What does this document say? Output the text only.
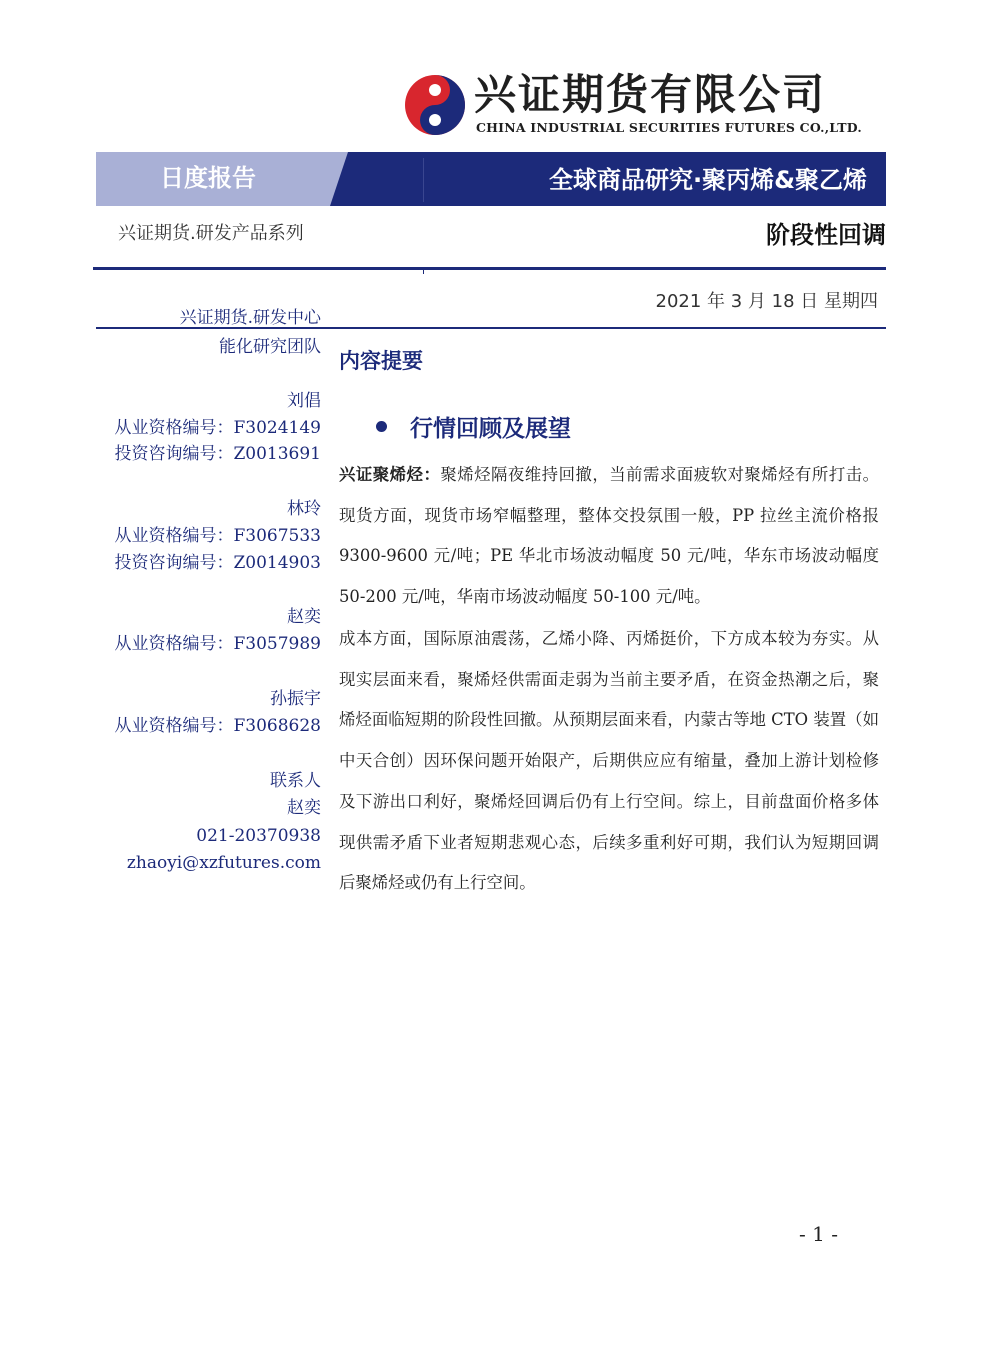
兴证期货有限公司
CHINA INDUSTRIAL SECURITIES FUTURES CO.,LTD.
日度报告	全球商品研究·聚丙烯&聚乙烯
兴证期货.研发产品系列	阶段性回调
2021 年 3 月 18 日 星期四
兴证期货.研发中心
能化研究团队
刘倡
从业资格编号：F3024149
投资咨询编号：Z0013691
林玲
从业资格编号：F3067533
投资咨询编号：Z0014903
赵奕
从业资格编号：F3057989
孙振宇
从业资格编号：F3068628
联系人
赵奕
021-20370938
zhaoyi@xzfutures.com
内容提要
行情回顾及展望
兴证聚烯烃：聚烯烃隔夜维持回撤，当前需求面疲软对聚烯烃有所打击。现货方面，现货市场窄幅整理，整体交投氛围一般，PP 拉丝主流价格报 9300-9600 元/吨；PE 华北市场波动幅度 50 元/吨，华东市场波动幅度 50-200 元/吨，华南市场波动幅度 50-100 元/吨。
成本方面，国际原油震荡，乙烯小降、丙烯挺价，下方成本较为夯实。从现实层面来看，聚烯烃供需面走弱为当前主要矛盾，在资金热潮之后，聚烯烃面临短期的阶段性回撤。从预期层面来看，内蒙古等地 CTO 装置（如中天合创）因环保问题开始限产，后期供应应有缩量，叠加上游计划检修及下游出口利好，聚烯烃回调后仍有上行空间。综上，目前盘面价格多体现供需矛盾下业者短期悲观心态，后续多重利好可期，我们认为短期回调后聚烯烃或仍有上行空间。
- 1 -
